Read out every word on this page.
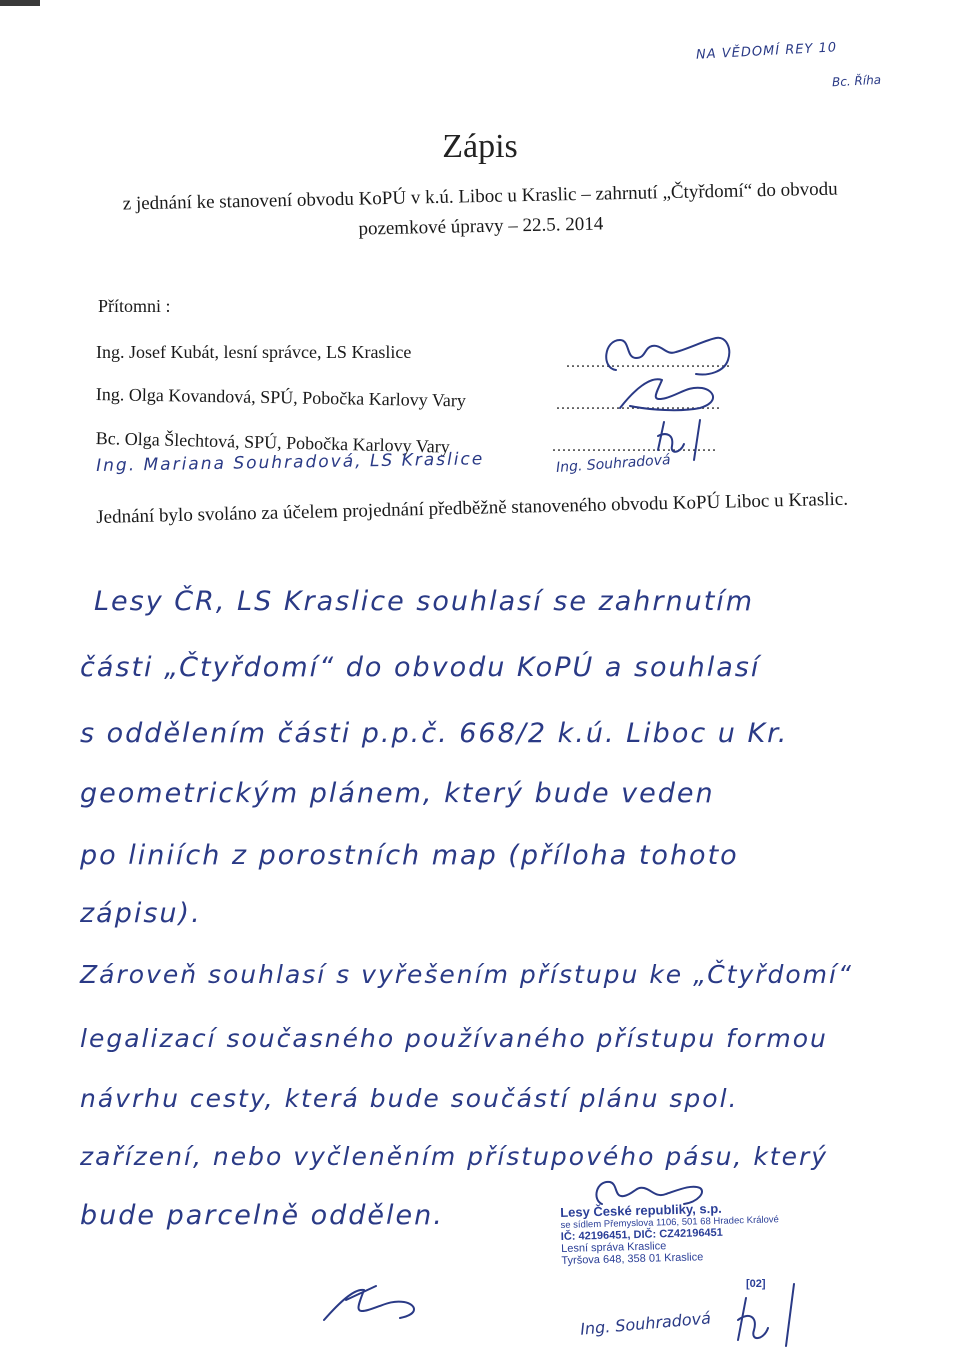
NA VĚDOMÍ REY 10
Bc. Říha
Zápis
z jednání ke stanovení obvodu KoPÚ v k.ú. Liboc u Kraslic – zahrnutí „Čtyřdomí“ do obvodu
pozemkové úpravy – 22.5. 2014
Přítomni :
Ing. Josef Kubát, lesní správce, LS Kraslice
Ing. Olga Kovandová, SPÚ, Pobočka Karlovy Vary
Bc. Olga Šlechtová, SPÚ, Pobočka Karlovy Vary
Ing. Mariana Souhradová, LS Kraslice
.................................
.................................
.................................
Ing. Souhradová
Jednání bylo svoláno za účelem projednání předběžně stanoveného obvodu KoPÚ Liboc u Kraslic.
Lesy ČR, LS Kraslice souhlasí se zahrnutím
části „Čtyřdomí“ do obvodu KoPÚ a souhlasí
s oddělením části p.p.č. 668/2 k.ú. Liboc u Kr.
geometrickým plánem, který bude veden
po liniích z porostních map (příloha tohoto
zápisu).
Zároveň souhlasí s vyřešením přístupu ke „Čtyřdomí“
legalizací současného používaného přístupu formou
návrhu cesty, která bude součástí plánu spol.
zařízení, nebo vyčleněním přístupového pásu, který
bude parcelně oddělen.	Lesy České republiky, s.p.
se sídlem Přemyslova 1106, 501 68 Hradec Králové
IČ: 42196451, DIČ: CZ42196451
Lesní správa Kraslice
Tyršova 648, 358 01 Kraslice
[02]
Ing. Souhradová
